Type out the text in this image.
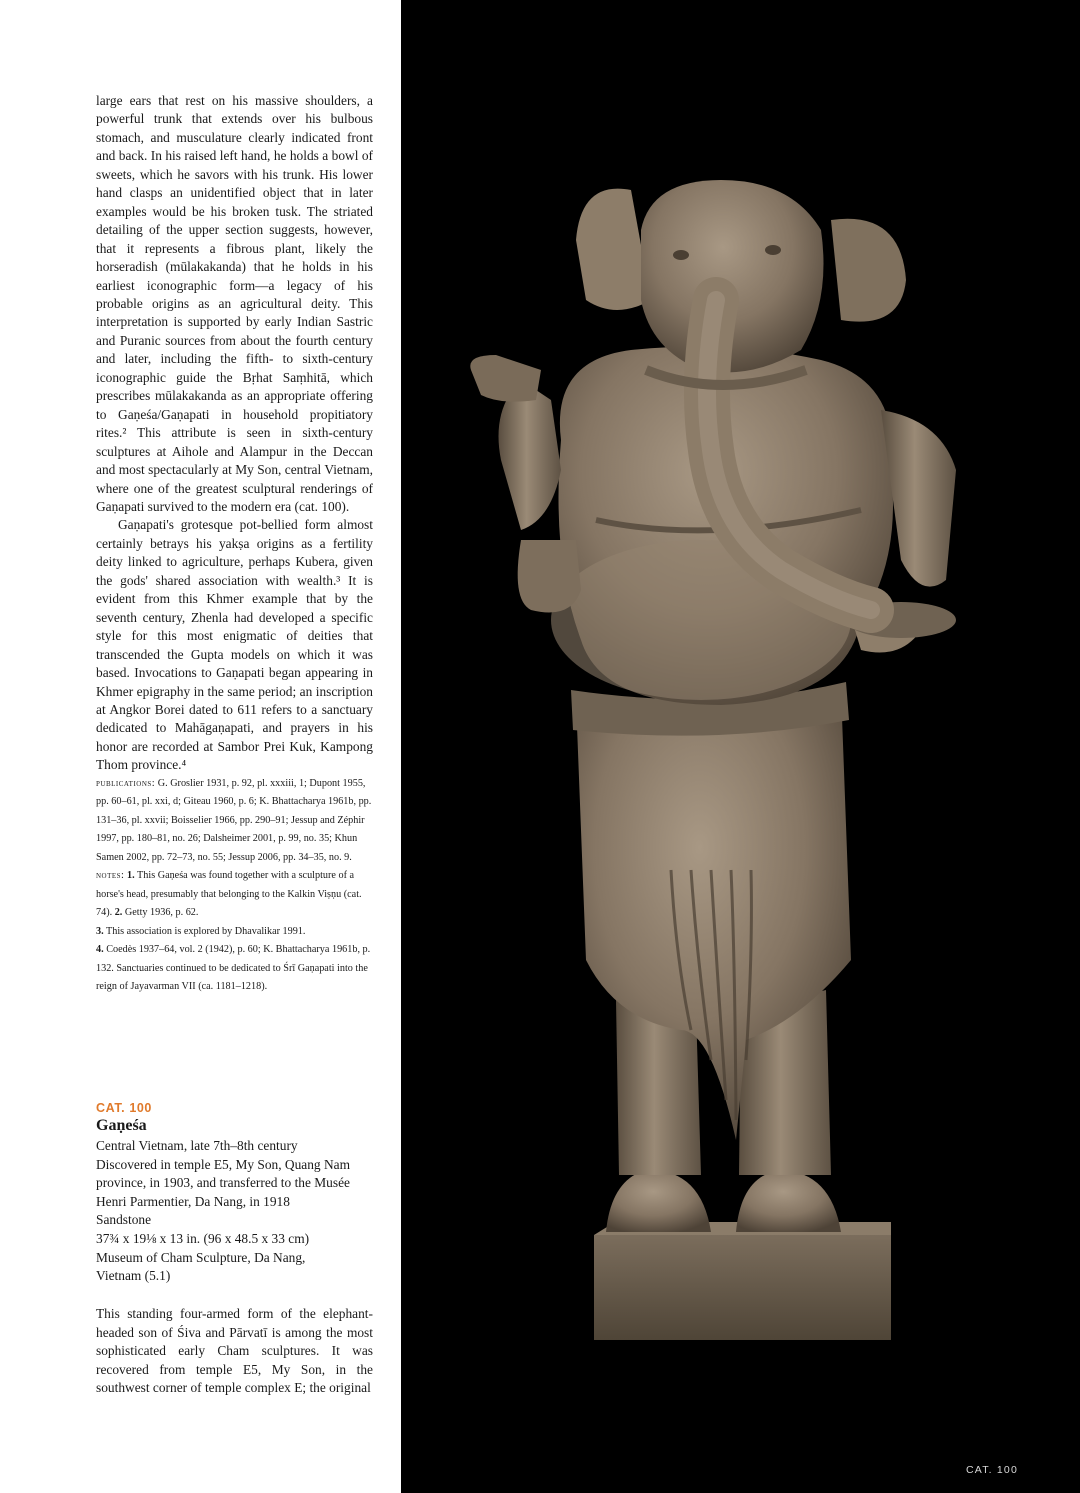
large ears that rest on his massive shoulders, a powerful trunk that extends over his bulbous stomach, and musculature clearly indicated front and back. In his raised left hand, he holds a bowl of sweets, which he savors with his trunk. His lower hand clasps an unidentified object that in later examples would be his broken tusk. The striated detailing of the upper section suggests, however, that it represents a fibrous plant, likely the horseradish (mūlakakanda) that he holds in his earliest iconographic form—a legacy of his probable origins as an agricultural deity. This interpretation is supported by early Indian Sastric and Puranic sources from about the fourth century and later, including the fifth- to sixth-century iconographic guide the Bṛhat Saṃhitā, which prescribes mūlakakanda as an appropriate offering to Gaṇeśa/Gaṇapati in household propitiatory rites.² This attribute is seen in sixth-century sculptures at Aihole and Alampur in the Deccan and most spectacularly at My Son, central Vietnam, where one of the greatest sculptural renderings of Gaṇapati survived to the modern era (cat. 100).

Gaṇapati's grotesque pot-bellied form almost certainly betrays his yakṣa origins as a fertility deity linked to agriculture, perhaps Kubera, given the gods' shared association with wealth.³ It is evident from this Khmer example that by the seventh century, Zhenla had developed a specific style for this most enigmatic of deities that transcended the Gupta models on which it was based. Invocations to Gaṇapati began appearing in Khmer epigraphy in the same period; an inscription at Angkor Borei dated to 611 refers to a sanctuary dedicated to Mahāgaṇapati, and prayers in his honor are recorded at Sambor Prei Kuk, Kampong Thom province.⁴

publications: G. Groslier 1931, p. 92, pl. xxxiii, 1; Dupont 1955, pp. 60–61, pl. xxi, d; Giteau 1960, p. 6; K. Bhattacharya 1961b, pp. 131–36, pl. xxvii; Boisselier 1966, pp. 290–91; Jessup and Zéphir 1997, pp. 180–81, no. 26; Dalsheimer 2001, p. 99, no. 35; Khun Samen 2002, pp. 72–73, no. 55; Jessup 2006, pp. 34–35, no. 9.
notes: 1. This Gaṇeśa was found together with a sculpture of a horse's head, presumably that belonging to the Kalkin Viṣṇu (cat. 74). 2. Getty 1936, p. 62.
3. This association is explored by Dhavalikar 1991.
4. Coedès 1937–64, vol. 2 (1942), p. 60; K. Bhattacharya 1961b, p. 132. Sanctuaries continued to be dedicated to Śrī Gaṇapati into the reign of Jayavarman VII (ca. 1181–1218).
CAT. 100
Gaṇeśa
Central Vietnam, late 7th–8th century
Discovered in temple E5, My Son, Quang Nam
province, in 1903, and transferred to the Musée
Henri Parmentier, Da Nang, in 1918
Sandstone
37¾ x 19⅛ x 13 in. (96 x 48.5 x 33 cm)
Museum of Cham Sculpture, Da Nang,
Vietnam (5.1)
This standing four-armed form of the elephant-headed son of Śiva and Pārvatī is among the most sophisticated early Cham sculptures. It was recovered from temple E5, My Son, in the southwest corner of temple complex E; the original
CAT. 100
